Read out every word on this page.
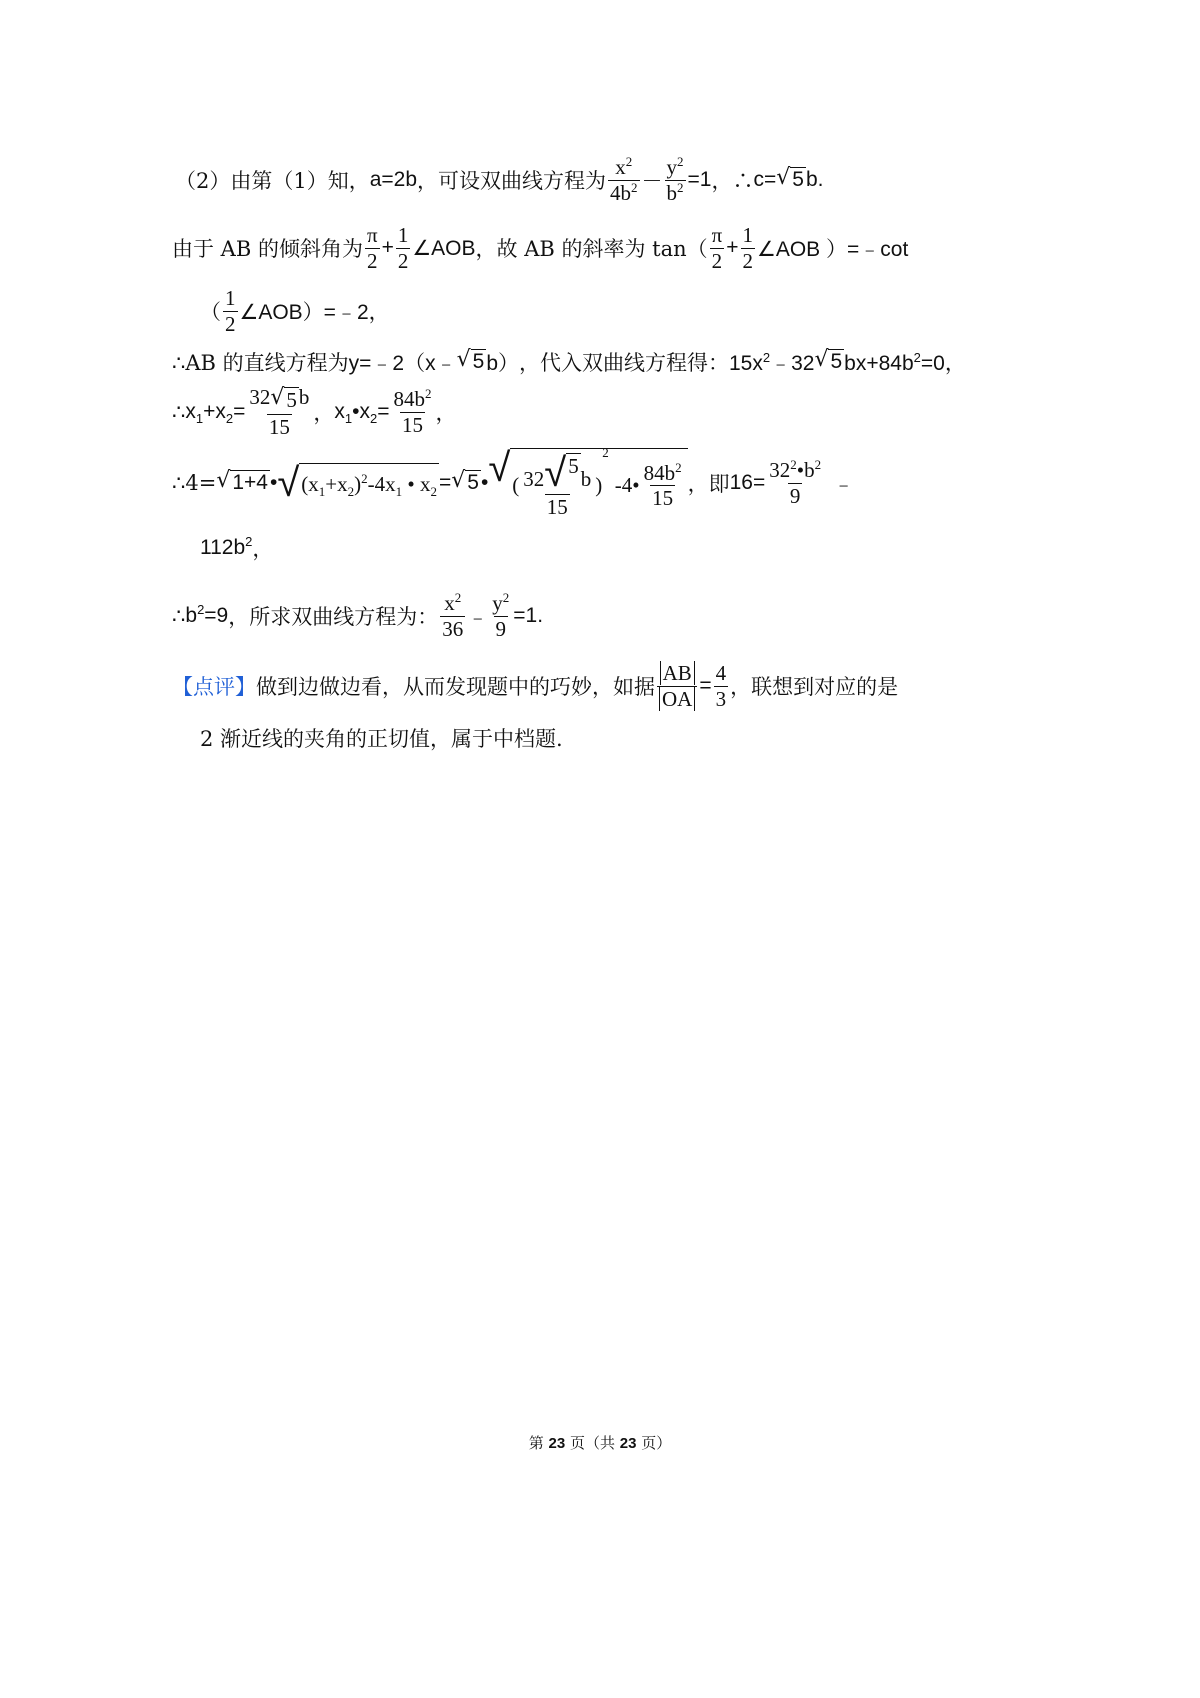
（2）由第（1）知， a=2b ，可设双曲线方程为 $\frac{x^2}{4b^2} - \frac{y^2}{b^2} =1$ ，∴ c= √ 5 b.
由于 AB 的倾斜角为 $\frac{\pi}{2} + \frac{1}{2}$ ∠AOB ，故 AB 的斜率为 $\tan( \frac{\pi}{2} + \frac{1}{2}$ ∠AOB ）=﹣cot
（ $\frac{1}{2}$ ∠AOB）=﹣2，
∴AB 的直线方程为 y=﹣2（x﹣ √ 5 b） ，代入双曲线方程得： $15x^2﹣32$ √ 5 $bx+84b^2=0$，
∴ $x_1+x_2= \frac{32 √ 5 b}{15}$ ， $x_1•x_2= \frac{84b^2}{15}$ ，
∴4= √ 1+4 • √ $(x_1+x_2)^2-4x_1$ • $x_2$ = √ 5 • √ ( 32 √ 5
b
15 )
2
-4 • $\frac{84b^2}{15}$ ，即 $16= \frac{32^2•b^2}{9}$ ﹣
$112b^2$ ，
∴ $b^2=9$ ，所求双曲线方程为： $\frac{x^2}{36}$ ﹣ $\frac{y^2}{9} =1$.
【点评】 做到边做边看，从而发现题中的巧妙，如据 $\frac{AB}{OA} = \frac{4}{3}$ ，联想到对应的是
2 渐近线的夹角的正切值，属于中档题.
第 23 页（共 23 页）
